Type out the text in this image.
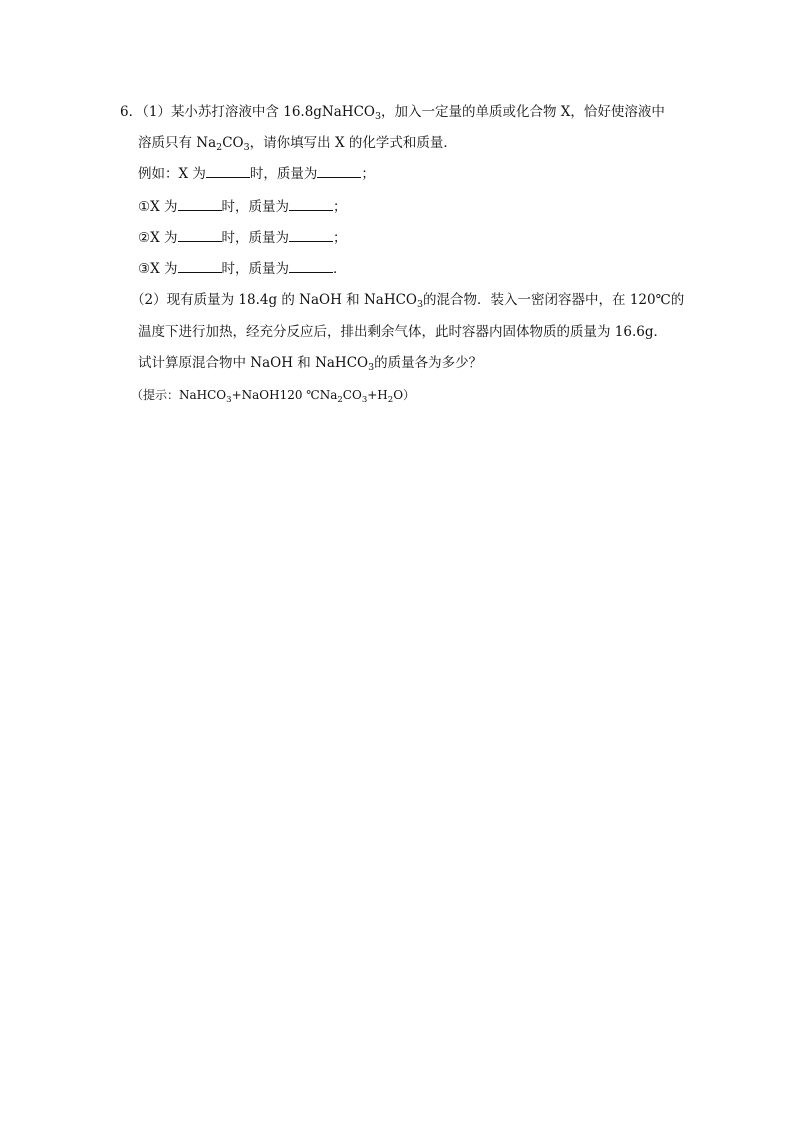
6．（1）某小苏打溶液中含 16.8gNaHCO$_3$，加入一定量的单质或化合物 X，恰好使溶液中
溶质只有 $Na_2CO_3$，请你填写出 X 的化学式和质量．
例如：X 为	时，质量为	；
①X 为	时，质量为	；
②X 为	时，质量为	；
③X 为	时，质量为	．
（2）现有质量为 18.4g 的 NaOH 和 NaHCO$_3$的混合物．装入一密闭容器中，在 120℃的
温度下进行加热，经充分反应后，排出剩余气体，此时容器内固体物质的质量为 16.6g．
试计算原混合物中 NaOH 和 NaHCO$_3$的质量各为多少？
（提示：NaHCO$_3$+NaOH120 $℃Na_2CO_3+H_2O$）
